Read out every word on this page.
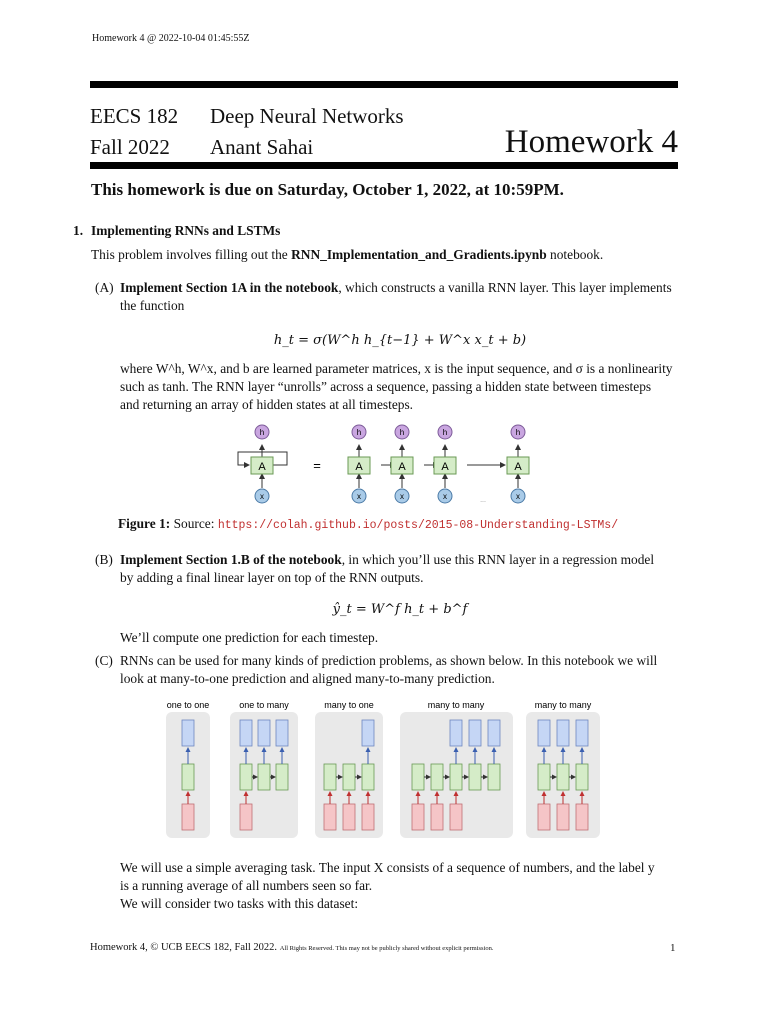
Homework 4 @ 2022-10-04 01:45:55Z
EECS 182 Deep Neural Networks
Fall 2022 Anant Sahai	Homework 4
This homework is due on Saturday, October 1, 2022, at 10:59PM.
1. Implementing RNNs and LSTMs
This problem involves filling out the RNN_Implementation_and_Gradients.ipynb notebook.
(A) Implement Section 1A in the notebook, which constructs a vanilla RNN layer. This layer implements
the function
h_t = σ(W^h h_{t−1} + W^x x_t + b)
where W^h, W^x, and b are learned parameter matrices, x is the input sequence, and σ is a nonlinearity
such as tanh. The RNN layer “unrolls” across a sequence, passing a hidden state between timesteps
and returning an array of hidden states at all timesteps.
A
h
x
=	A
h
x
A
h
x
A
h
x	...
A
h
x
Figure 1: Source: https://colah.github.io/posts/2015-08-Understanding-LSTMs/
(B) Implement Section 1.B of the notebook, in which you’ll use this RNN layer in a regression model
by adding a final linear layer on top of the RNN outputs.
ŷ_t = W^f h_t + b^f
We’ll compute one prediction for each timestep.
(C) RNNs can be used for many kinds of prediction problems, as shown below. In this notebook we will
look at many-to-one prediction and aligned many-to-many prediction.
one to one	one to many	many to one	many to many	many to many
We will use a simple averaging task. The input X consists of a sequence of numbers, and the label y
is a running average of all numbers seen so far.
We will consider two tasks with this dataset:
Homework 4, © UCB EECS 182, Fall 2022. All Rights Reserved. This may not be publicly shared without explicit permission.	1
